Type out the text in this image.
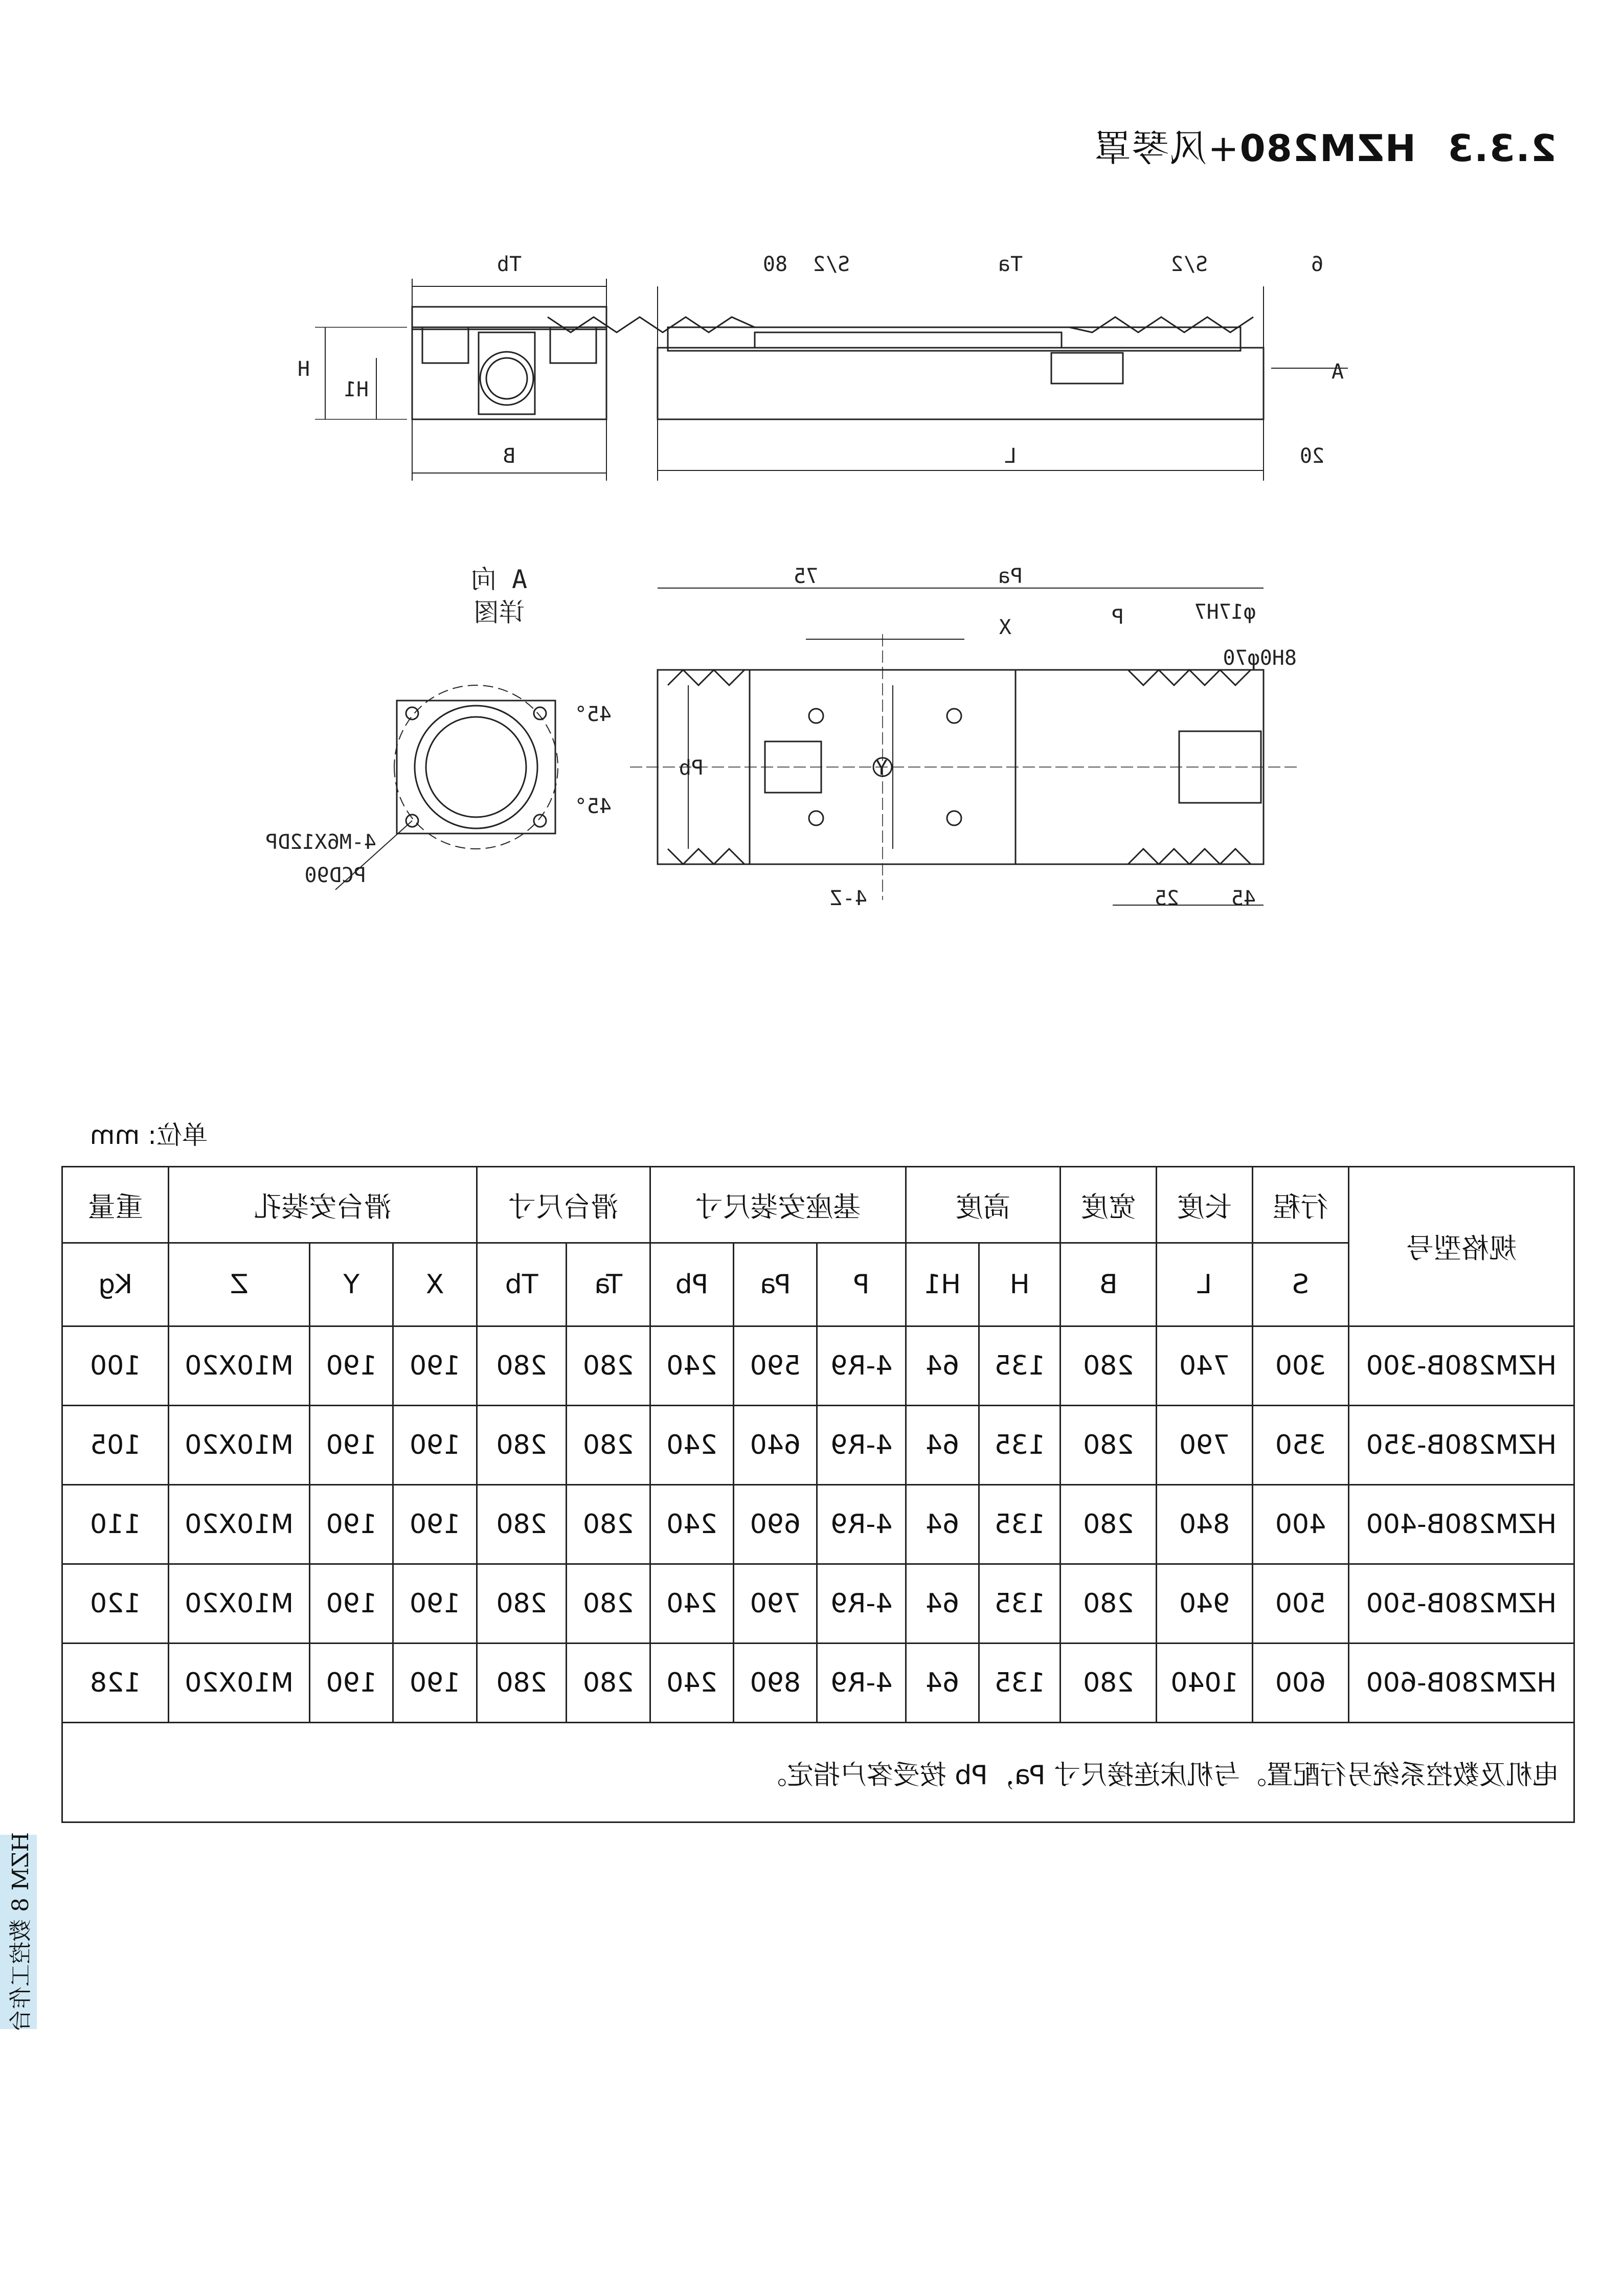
2.3.3HZM280+风琴罩
Tb
B
H
H1
80 S/2	Ta	S/2	6
A
L	20
A 向
详图
45°
45°
4-M6X12DP
PCD90
75	Pa
P
X
φ17H7
8H0φ70
Pb	Y
4-Z	25	45
单位: mm
规格型号	行程	长度	宽度	高度		基座安装尺寸			滑台尺寸		滑台安装孔			重量
	S	L	B	H	H1	P	Pa	Pb	Ta	Tb	X	Y	Z	Kg
HZM280B-300	300	740	280	135	64	4-R9	590	240	280	280	190	190	M10X20	100
HZM280B-350	350	790	280	135	64	4-R9	640	240	280	280	190	190	M10X20	105
HZM280B-400	400	840	280	135	64	4-R9	690	240	280	280	190	190	M10X20	110
HZM280B-500	500	940	280	135	64	4-R9	790	240	280	280	190	190	M10X20	120
HZM280B-600	600	1040	280	135	64	4-R9	890	240	280	280	190	190	M10X20	128
电机及数控系统另行配置。与机床连接尺寸 Pa，Pb 按受客户指定。														
HZM 8 数控工作台
